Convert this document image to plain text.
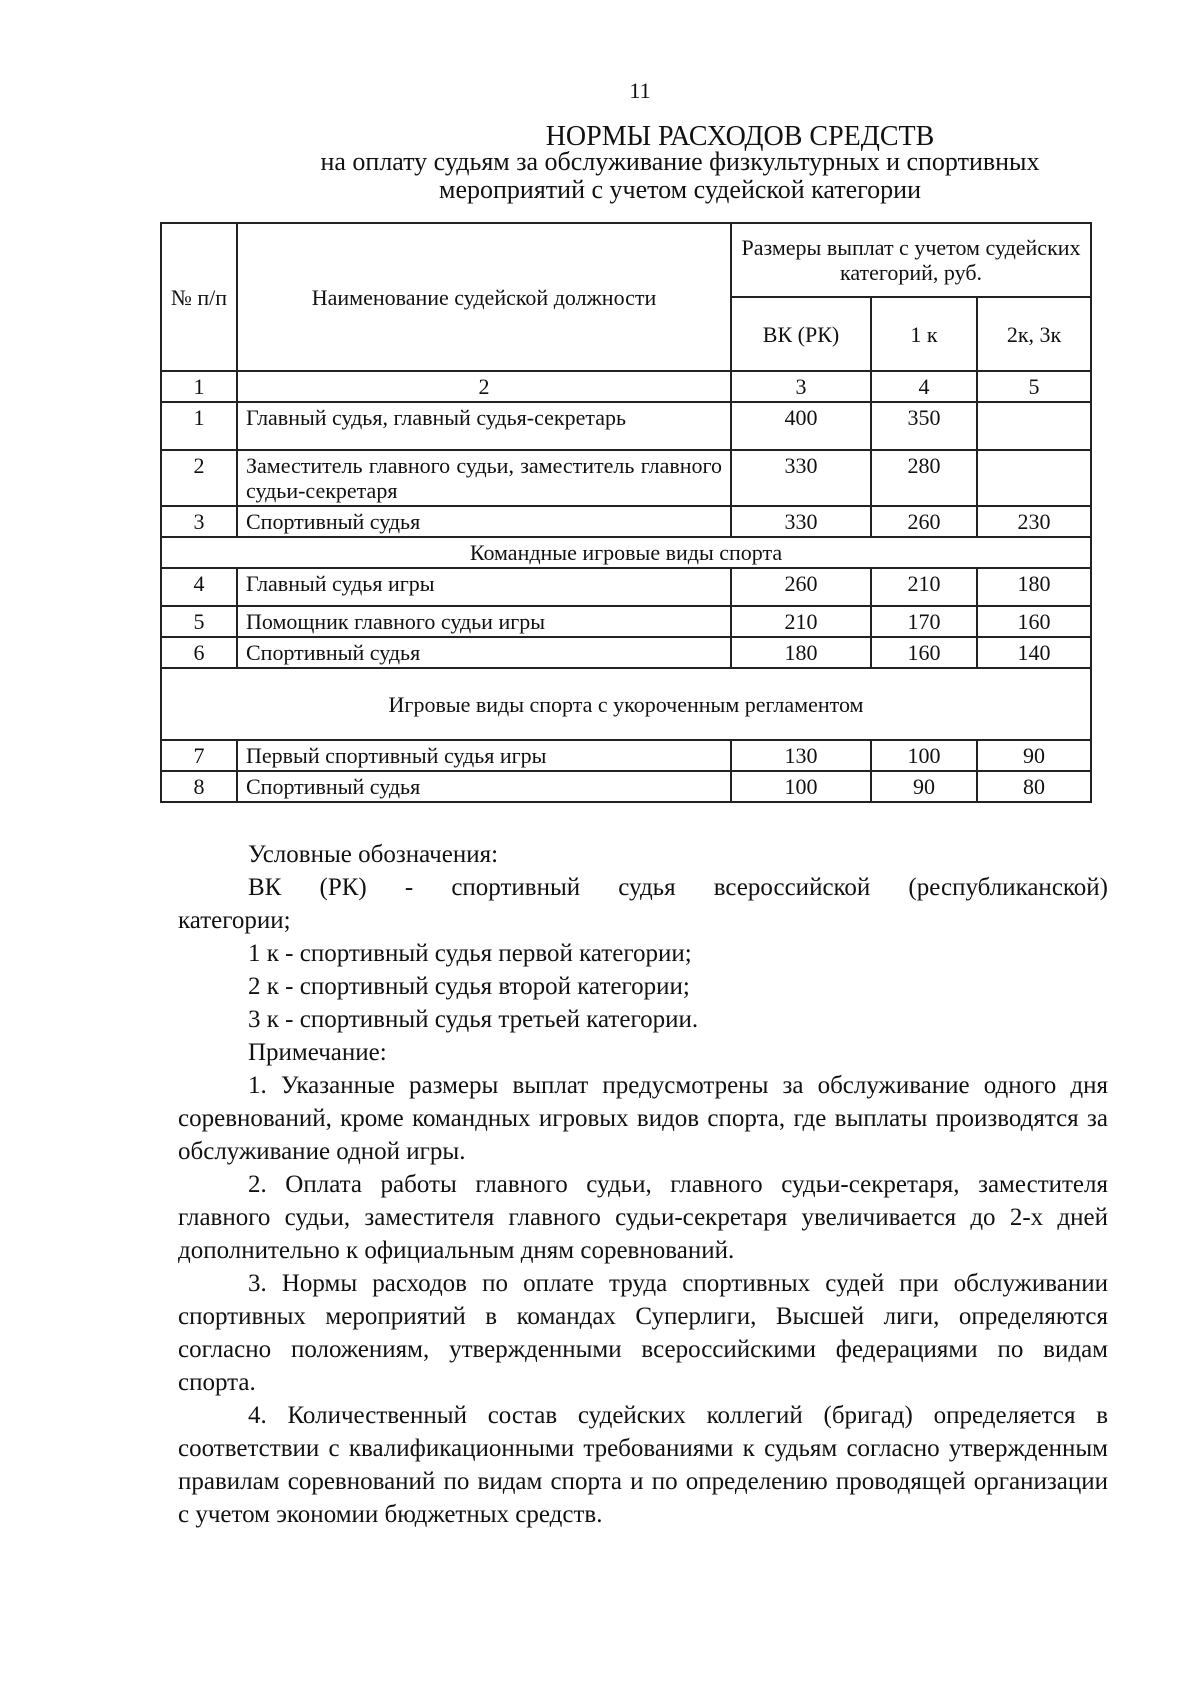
11
НОРМЫ РАСХОДОВ СРЕДСТВ
на оплату судьям за обслуживание физкультурных и спортивных
мероприятий с учетом судейской категории
№ п/п	Наименование судейской должности	Размеры выплат с учетом судейских категорий, руб.		
		ВК (РК)	1 к	2к, 3к
1	2	3	4	5
1	Главный судья, главный судья-секретарь	400	350	
2	Заместитель главного судьи, заместитель главного судьи-секретаря	330	280	
3	Спортивный судья	330	260	230
Командные игровые виды спорта				
4	Главный судья игры	260	210	180
5	Помощник главного судьи игры	210	170	160
6	Спортивный судья	180	160	140
Игровые виды спорта с укороченным регламентом				
7	Первый спортивный судья игры	130	100	90
8	Спортивный судья	100	90	80

Условные обозначения:

ВК (РК) - спортивный судья всероссийской (республиканской)

категории;

1 к - спортивный судья первой категории;

2 к - спортивный судья второй категории;

3 к - спортивный судья третьей категории.

Примечание:

1. Указанные размеры выплат предусмотрены за обслуживание одного дня соревнований, кроме командных игровых видов спорта, где выплаты производятся за обслуживание одной игры.

2. Оплата работы главного судьи, главного судьи-секретаря, заместителя главного судьи, заместителя главного судьи-секретаря увеличивается до 2-х дней дополнительно к официальным дням соревнований.

3. Нормы расходов по оплате труда спортивных судей при обслуживании спортивных мероприятий в командах Суперлиги, Высшей лиги, определяются согласно положениям, утвержденными всероссийскими федерациями по видам спорта.

4. Количественный состав судейских коллегий (бригад) определяется в соответствии с квалификационными требованиями к судьям согласно утвержденным правилам соревнований по видам спорта и по определению проводящей организации с учетом экономии бюджетных средств.
